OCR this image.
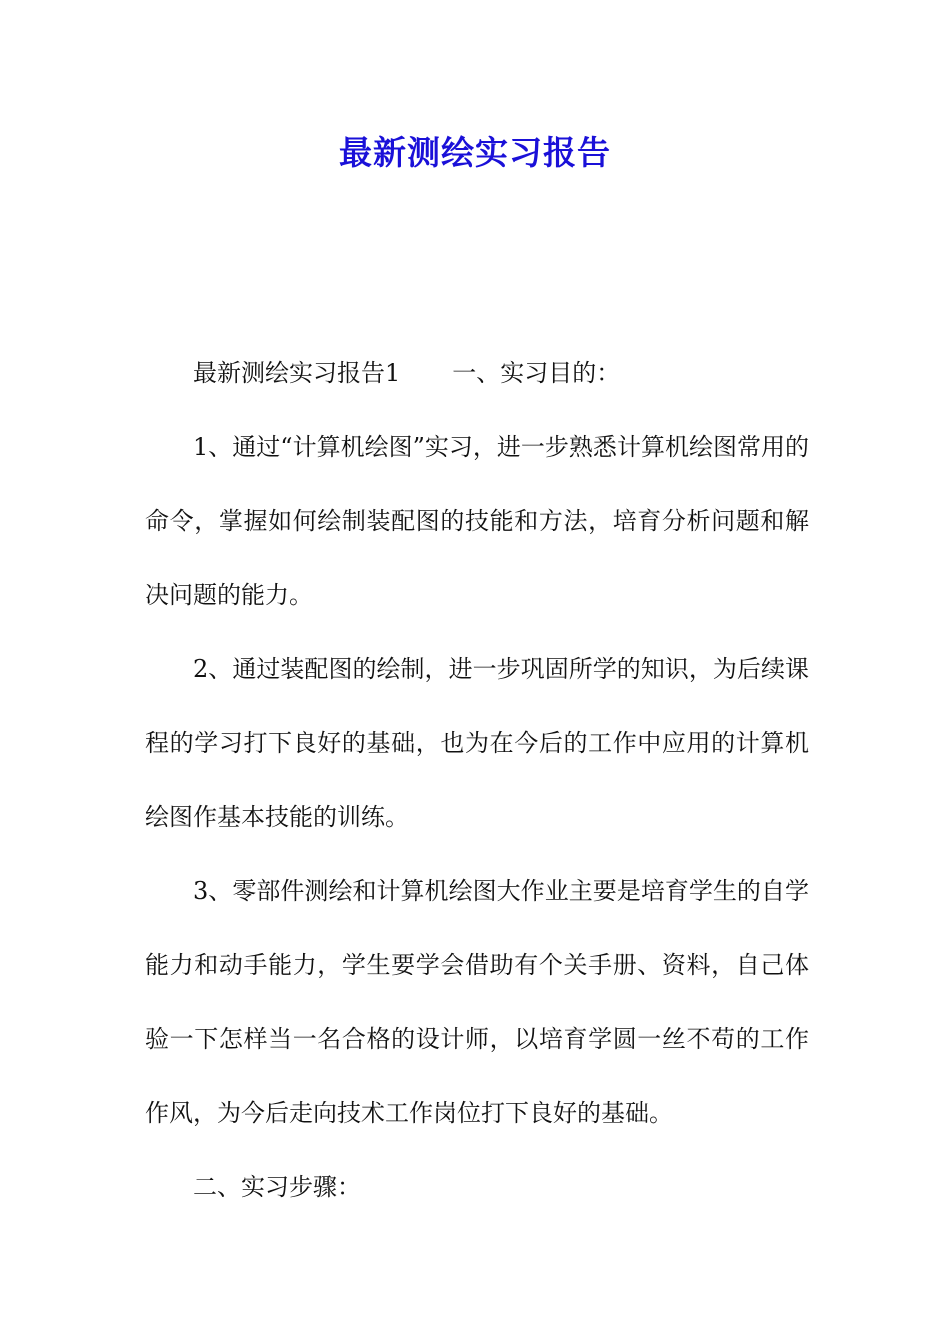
最新测绘实习报告

最新测绘实习报告1 一、实习目的：

1、通过“计算机绘图”实习，进一步熟悉计算机绘图常用的命令，掌握如何绘制装配图的技能和方法，培育分析问题和解决问题的能力。

2、通过装配图的绘制，进一步巩固所学的知识，为后续课程的学习打下良好的基础，也为在今后的工作中应用的计算机绘图作基本技能的训练。

3、零部件测绘和计算机绘图大作业主要是培育学生的自学能力和动手能力，学生要学会借助有个关手册、资料，自己体验一下怎样当一名合格的设计师，以培育学圆一丝不苟的工作作风，为今后走向技术工作岗位打下良好的基础。

二、实习步骤：
